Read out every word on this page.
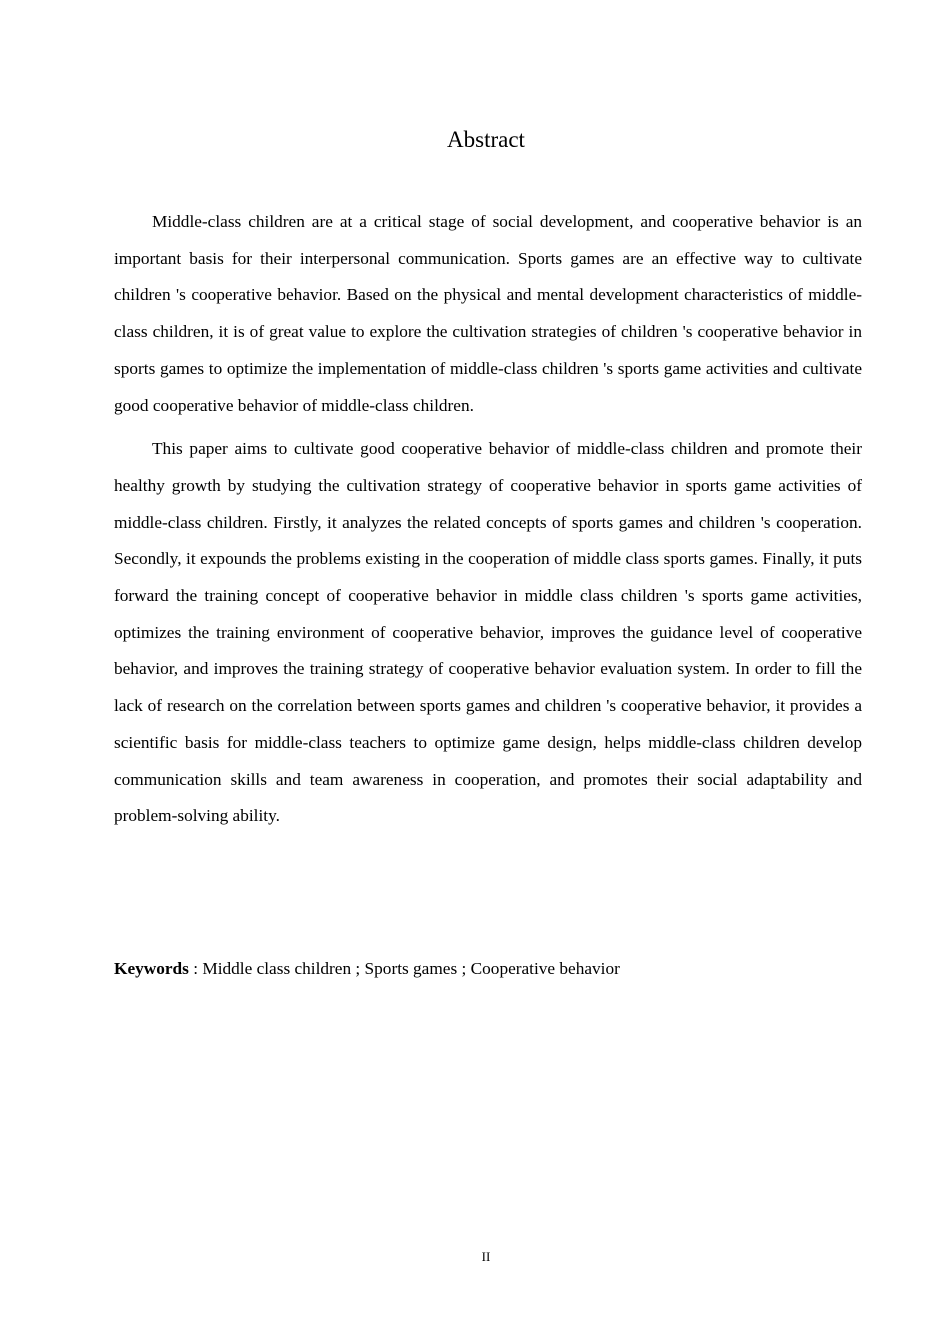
Abstract

Middle-class children are at a critical stage of social development, and cooperative behavior is an important basis for their interpersonal communication. Sports games are an effective way to cultivate children 's cooperative behavior. Based on the physical and mental development characteristics of middle-class children, it is of great value to explore the cultivation strategies of children 's cooperative behavior in sports games to optimize the implementation of middle-class children 's sports game activities and cultivate good cooperative behavior of middle-class children.

This paper aims to cultivate good cooperative behavior of middle-class children and promote their healthy growth by studying the cultivation strategy of cooperative behavior in sports game activities of middle-class children. Firstly, it analyzes the related concepts of sports games and children 's cooperation. Secondly, it expounds the problems existing in the cooperation of middle class sports games. Finally, it puts forward the training concept of cooperative behavior in middle class children 's sports game activities, optimizes the training environment of cooperative behavior, improves the guidance level of cooperative behavior, and improves the training strategy of cooperative behavior evaluation system. In order to fill the lack of research on the correlation between sports games and children 's cooperative behavior, it provides a scientific basis for middle-class teachers to optimize game design, helps middle-class children develop communication skills and team awareness in cooperation, and promotes their social adaptability and problem-solving ability.

Keywords : Middle class children ; Sports games ; Cooperative behavior
II
